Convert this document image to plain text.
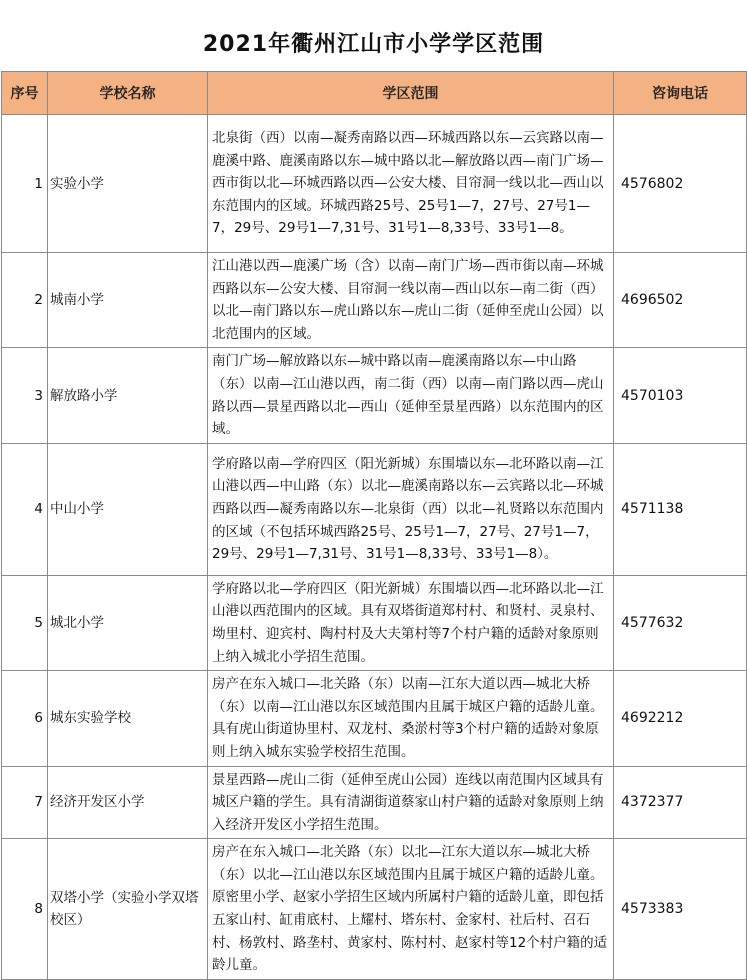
2021年衢州江山市小学学区范围
序号	学校名称	学区范围	咨询电话
1	实验小学	北泉街（西）以南—凝秀南路以西—环城西路以东—云宾路以南—鹿溪中路、鹿溪南路以东—城中路以北—解放路以西—南门广场—西市街以北—环城西路以西—公安大楼、目帘洞一线以北—西山以东范围内的区域。环城西路25号、25号1—7，27号、27号1—7，29号、29号1—7,31号、31号1—8,33号、33号1—8。	4576802
2	城南小学	江山港以西—鹿溪广场（含）以南—南门广场—西市街以南—环城西路以东—公安大楼、目帘洞一线以南—西山以东—南二街（西）以北—南门路以东—虎山路以东—虎山二街（延伸至虎山公园）以北范围内的区域。	4696502
3	解放路小学	南门广场—解放路以东—城中路以南—鹿溪南路以东—中山路（东）以南—江山港以西，南二街（西）以南—南门路以西—虎山路以西—景星西路以北—西山（延伸至景星西路）以东范围内的区域。	4570103
4	中山小学	学府路以南—学府四区（阳光新城）东围墙以东—北环路以南—江山港以西—中山路（东）以北—鹿溪南路以东—云宾路以北—环城西路以西—凝秀南路以东—北泉街（西）以北—礼贤路以东范围内的区域（不包括环城西路25号、25号1—7，27号、27号1—7，29号、29号1—7,31号、31号1—8,33号、33号1—8）。	4571138
5	城北小学	学府路以北—学府四区（阳光新城）东围墙以西—北环路以北—江山港以西范围内的区域。具有双塔街道郑村村、和贤村、灵泉村、坳里村、迎宾村、陶村村及大夫第村等7个村户籍的适龄对象原则上纳入城北小学招生范围。	4577632
6	城东实验学校	房产在东入城口—北关路（东）以南—江东大道以西—城北大桥（东）以南—江山港以东区域范围内且属于城区户籍的适龄儿童。具有虎山街道协里村、双龙村、桑淤村等3个村户籍的适龄对象原则上纳入城东实验学校招生范围。	4692212
7	经济开发区小学	景星西路—虎山二街（延伸至虎山公园）连线以南范围内区域具有城区户籍的学生。具有清湖街道蔡家山村户籍的适龄对象原则上纳入经济开发区小学招生范围。	4372377
8	双塔小学（实验小学双塔校区）	房产在东入城口—北关路（东）以北—江东大道以东—城北大桥（东）以北—江山港以东区域范围内且属于城区户籍的适龄儿童。原密里小学、赵家小学招生区域内所属村户籍的适龄儿童，即包括五家山村、缸甫底村、上耀村、塔东村、金家村、社后村、召石村、杨敦村、路垄村、黄家村、陈村村、赵家村等12个村户籍的适龄儿童。	4573383
